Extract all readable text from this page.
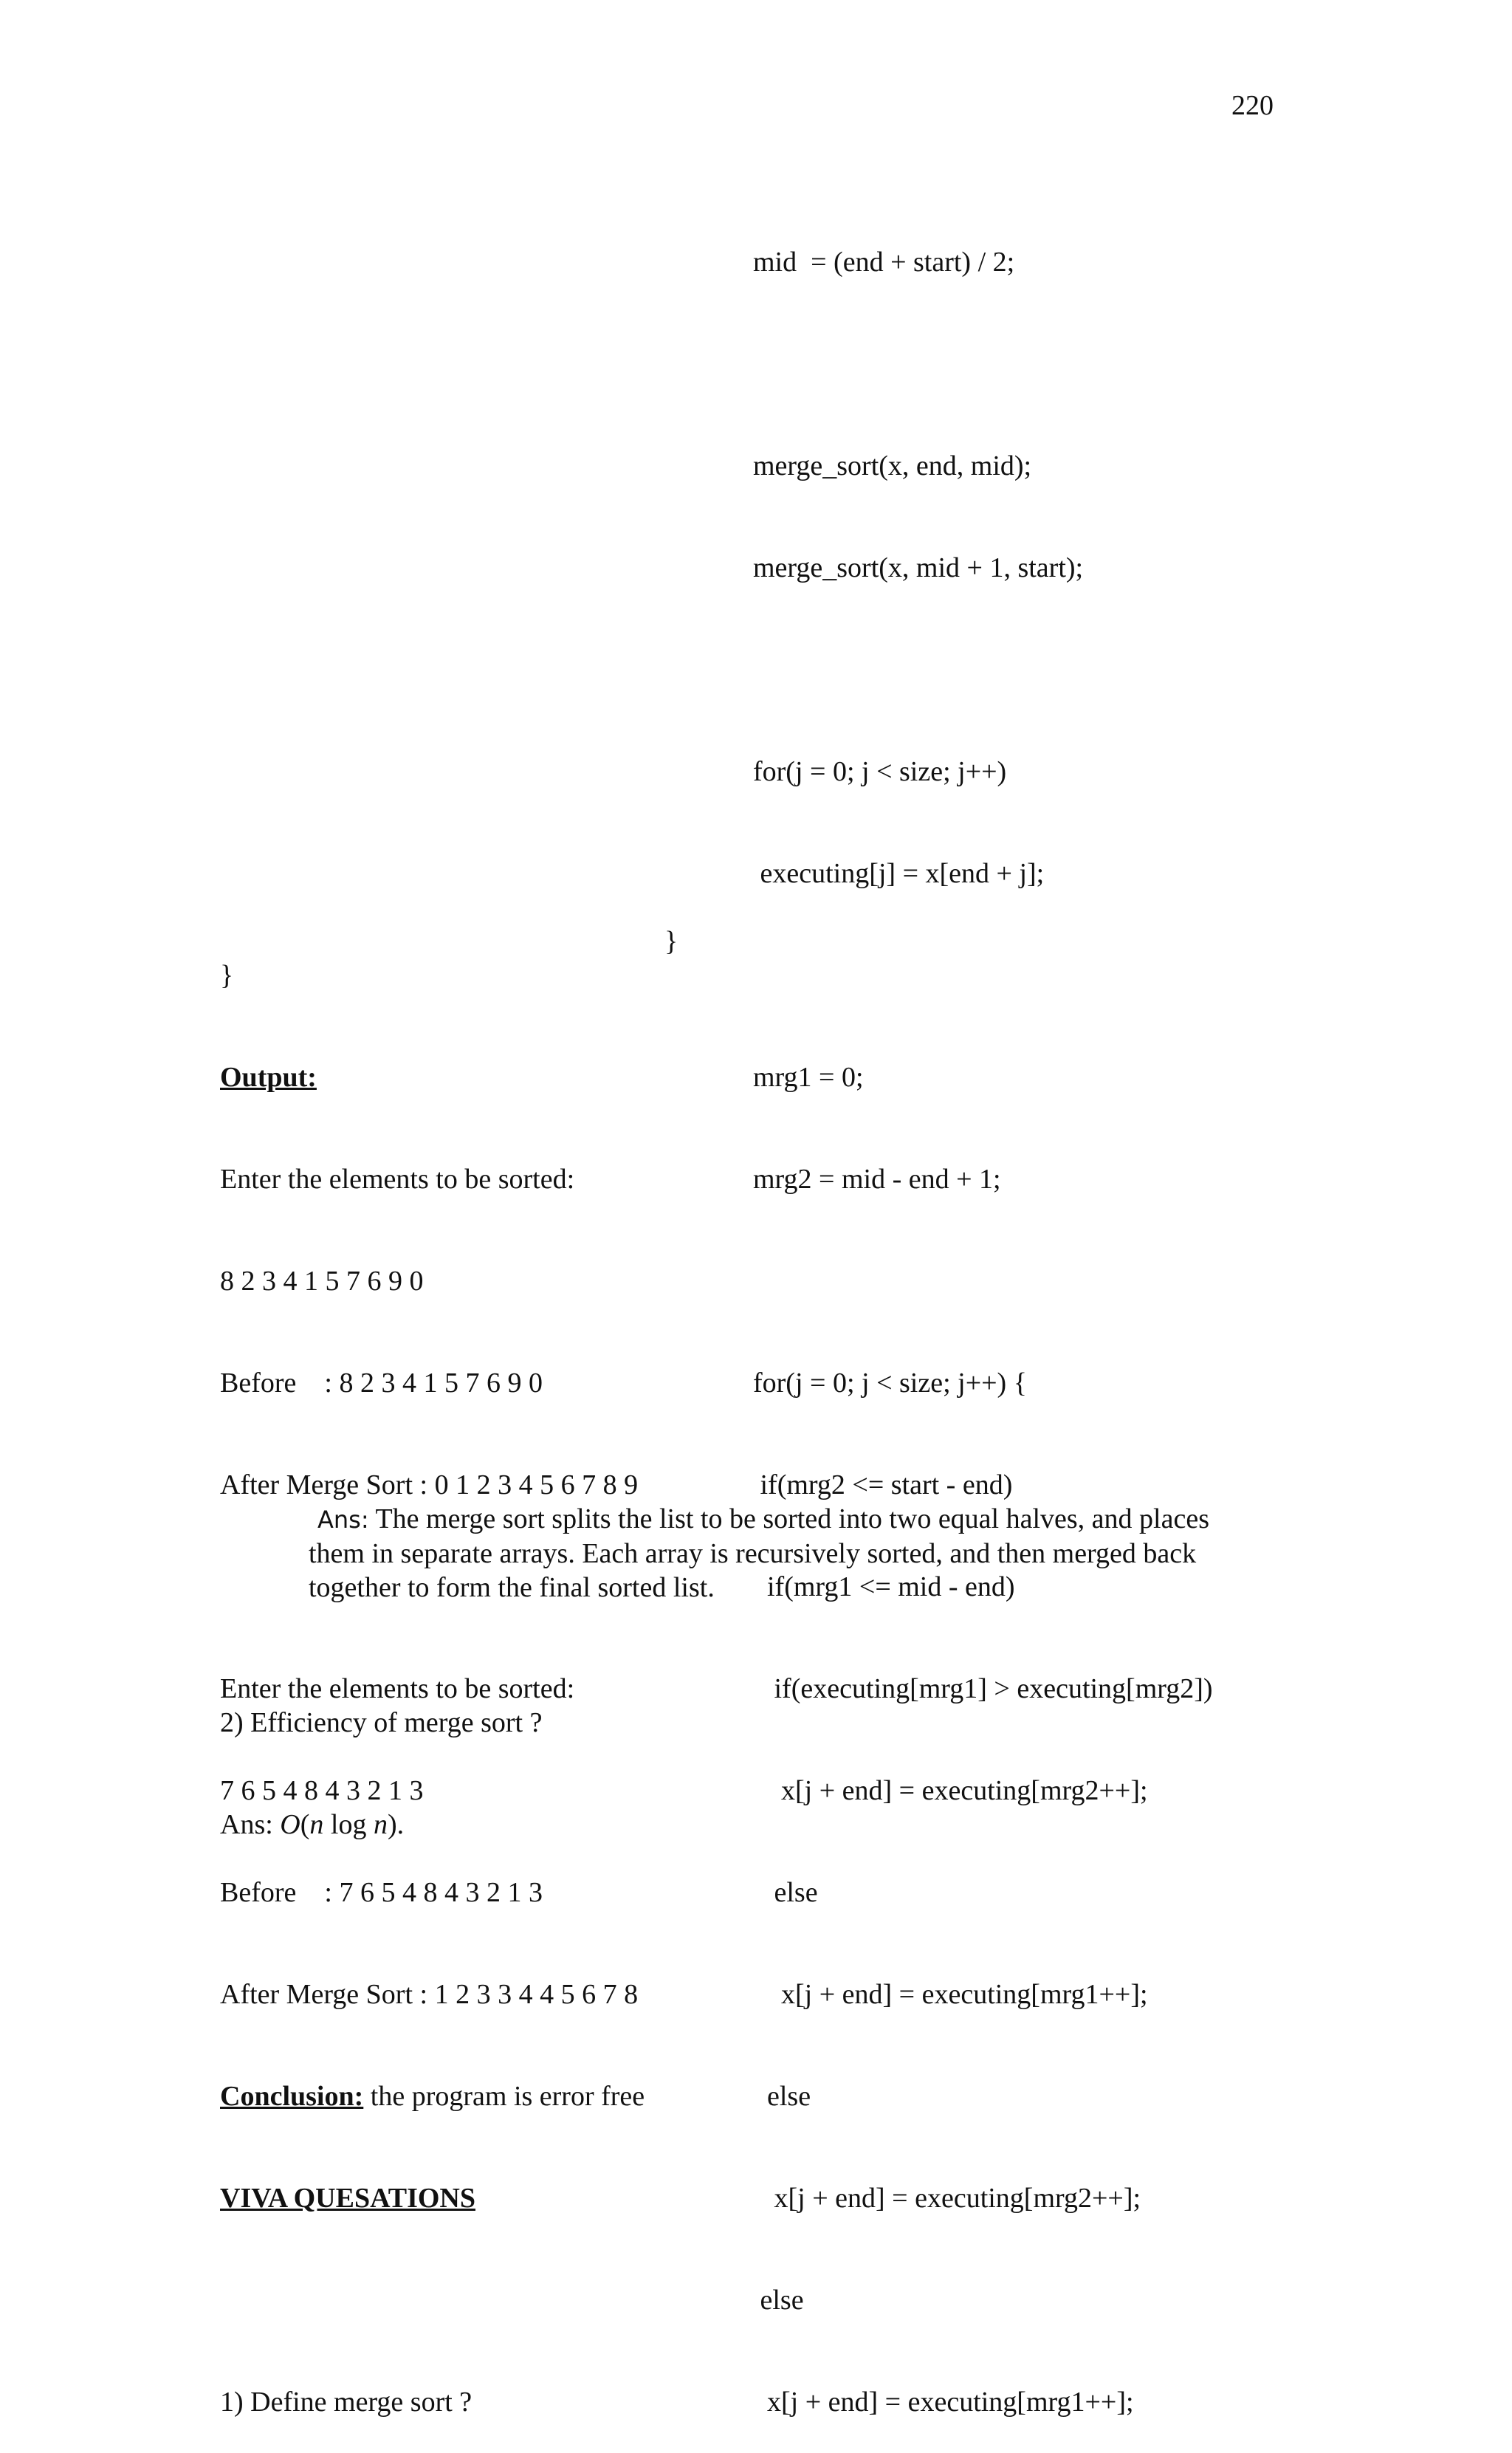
220

mid  = (end + start) / 2;

merge_sort(x, end, mid);

merge_sort(x, mid + 1, start);

for(j = 0; j < size; j++)

executing[j] = x[end + j];

mrg1 = 0;

mrg2 = mid - end + 1;

for(j = 0; j < size; j++) {

if(mrg2 <= start - end)

if(mrg1 <= mid - end)

if(executing[mrg1] > executing[mrg2])

x[j + end] = executing[mrg2++];

else

x[j + end] = executing[mrg1++];

else

x[j + end] = executing[mrg2++];

else

x[j + end] = executing[mrg1++];

}
}

Output:

Enter the elements to be sorted:

8 2 3 4 1 5 7 6 9 0

Before    : 8 2 3 4 1 5 7 6 9 0

After Merge Sort : 0 1 2 3 4 5 6 7 8 9

Enter the elements to be sorted:

7 6 5 4 8 4 3 2 1 3

Before    : 7 6 5 4 8 4 3 2 1 3

After Merge Sort : 1 2 3 3 4 4 5 6 7 8

Conclusion: the program is error free

VIVA QUESATIONS

1) Define merge sort ?

Ans: The merge sort splits the list to be sorted into two equal halves, and places them in separate arrays. Each array is recursively sorted, and then merged back together to form the final sorted list.

2) Efficiency of merge sort ?

Ans: O(n log n).
